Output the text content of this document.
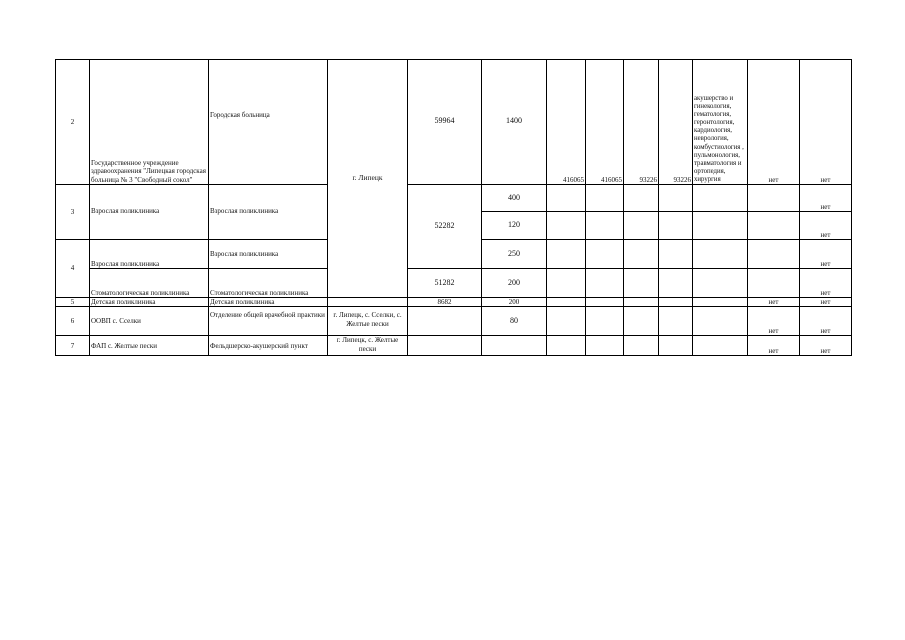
2	Государственное учреждение здравоохранения "Липецкая городская больница № 3 "Свободный сокол"	Городская больница	г. Липецк	59964	1400	416065	416065	93226	93226	акушерство и гинекология, гематология, геронтология, кардиология, неврология, комбустиология , пульмонология, травматология и ортопедия, хирургия	нет	нет	
3	Взрослая поликлиника	Взрослая поликлиника		52282	400							нет	
					120							нет	
4	Взрослая поликлиника	Взрослая поликлиника			250							нет	
	Стоматологическая поликлиника	Стоматологическая поликлиника		51282	200							нет	
5	Детская поликлиника	Детская поликлиника		8682	200						нет	нет	
6	ООВП с. Сселки	Отделение общей врачебной практики	г. Липецк, с. Сселки, с. Желтые пески		80						нет	нет	
7	ФАП с. Желтые пески	Фельдшерско-акушерский пункт	г. Липецк, с. Желтые пески								нет	нет	
